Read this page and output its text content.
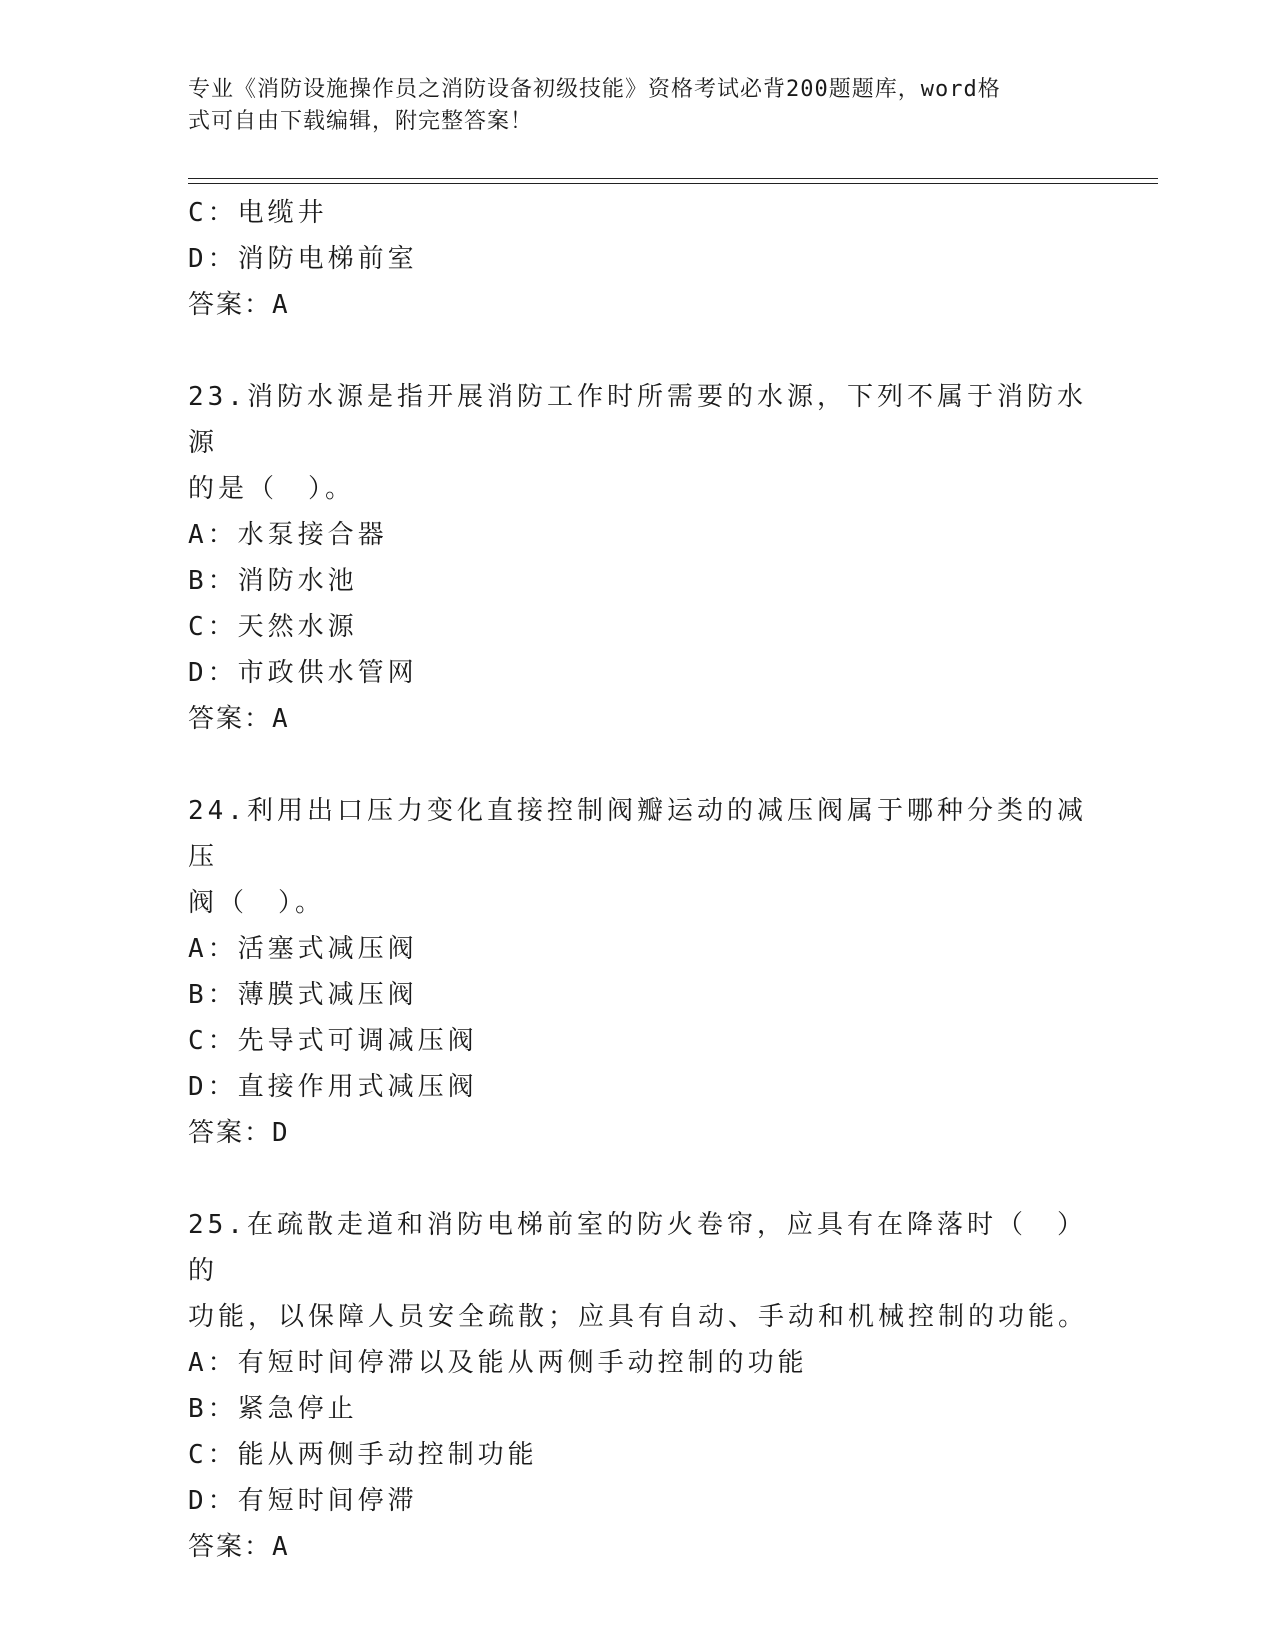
专业《消防设施操作员之消防设备初级技能》资格考试必背200题题库，word格
式可自由下载编辑，附完整答案！
C：电缆井
D：消防电梯前室
答案：A
23.消防水源是指开展消防工作时所需要的水源，下列不属于消防水源
的是（　）。
A：水泵接合器
B：消防水池
C：天然水源
D：市政供水管网
答案：A
24.利用出口压力变化直接控制阀瓣运动的减压阀属于哪种分类的减压
阀（　）。
A：活塞式减压阀
B：薄膜式减压阀
C：先导式可调减压阀
D：直接作用式减压阀
答案：D
25.在疏散走道和消防电梯前室的防火卷帘，应具有在降落时（　）的
功能，以保障人员安全疏散；应具有自动、手动和机械控制的功能。
A：有短时间停滞以及能从两侧手动控制的功能
B：紧急停止
C：能从两侧手动控制功能
D：有短时间停滞
答案：A
